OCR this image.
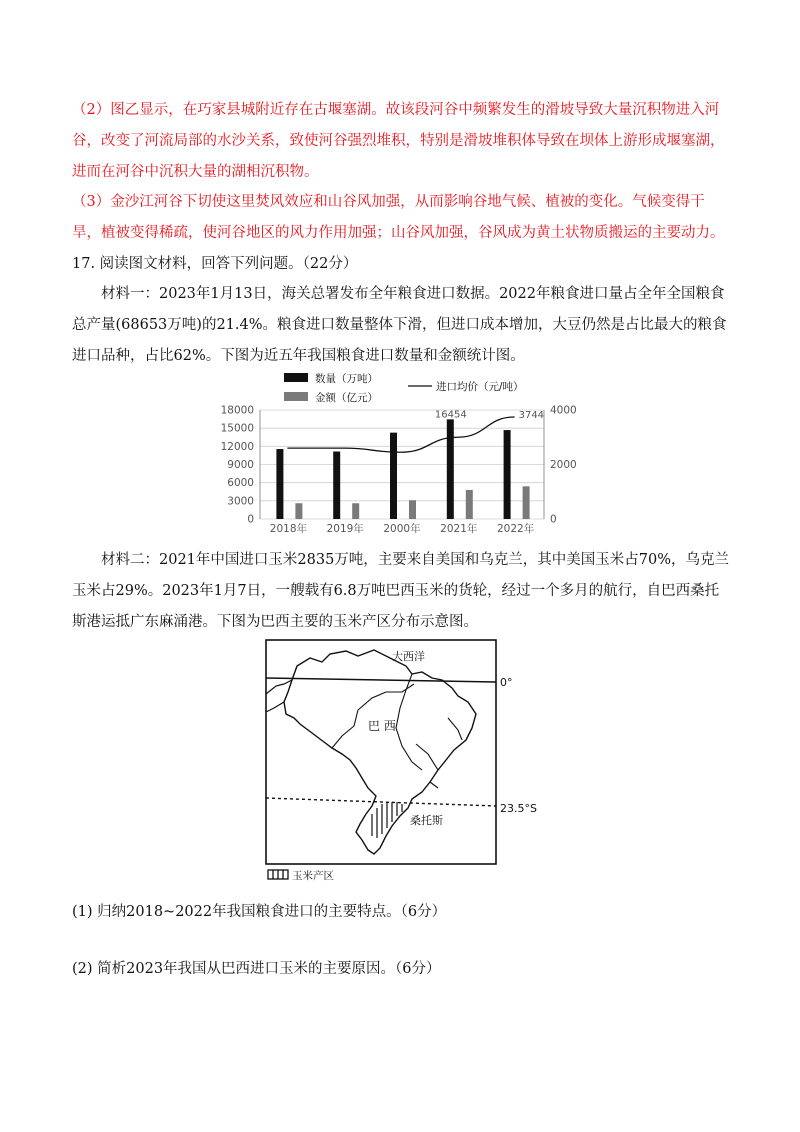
（2）图乙显示，在巧家县城附近存在古堰塞湖。故该段河谷中频繁发生的滑坡导致大量沉积物进入河谷，改变了河流局部的水沙关系，致使河谷强烈堆积，特别是滑坡堆积体导致在坝体上游形成堰塞湖，进而在河谷中沉积大量的湖相沉积物。

（3）金沙江河谷下切使这里焚风效应和山谷风加强，从而影响谷地气候、植被的变化。气候变得干旱，植被变得稀疏，使河谷地区的风力作用加强；山谷风加强，谷风成为黄土状物质搬运的主要动力。

17. 阅读图文材料，回答下列问题。（22分）

材料一：2023年1月13日，海关总署发布全年粮食进口数据。2022年粮食进口量占全年全国粮食总产量(68653万吨)的21.4%。粮食进口数量整体下滑，但进口成本增加，大豆仍然是占比最大的粮食进口品种，占比62%。下图为近五年我国粮食进口数量和金额统计图。

数量（万吨）
金额（亿元）
进口均价（元/吨）
18000
15000
12000
9000
6000
3000
0
4000
2000
0
2018年 2019年 2000年 2021年 2022年
16454	3744

材料二：2021年中国进口玉米2835万吨，主要来自美国和乌克兰，其中美国玉米占70%，乌克兰玉米占29%。2023年1月7日，一艘载有6.8万吨巴西玉米的货轮，经过一个多月的航行，自巴西桑托斯港运抵广东麻涌港。下图为巴西主要的玉米产区分布示意图。

大西洋
巴 西
0°
23.5°S
桑托斯
玉米产区

(1) 归纳2018~2022年我国粮食进口的主要特点。（6分）

(2) 简析2023年我国从巴西进口玉米的主要原因。（6分）
